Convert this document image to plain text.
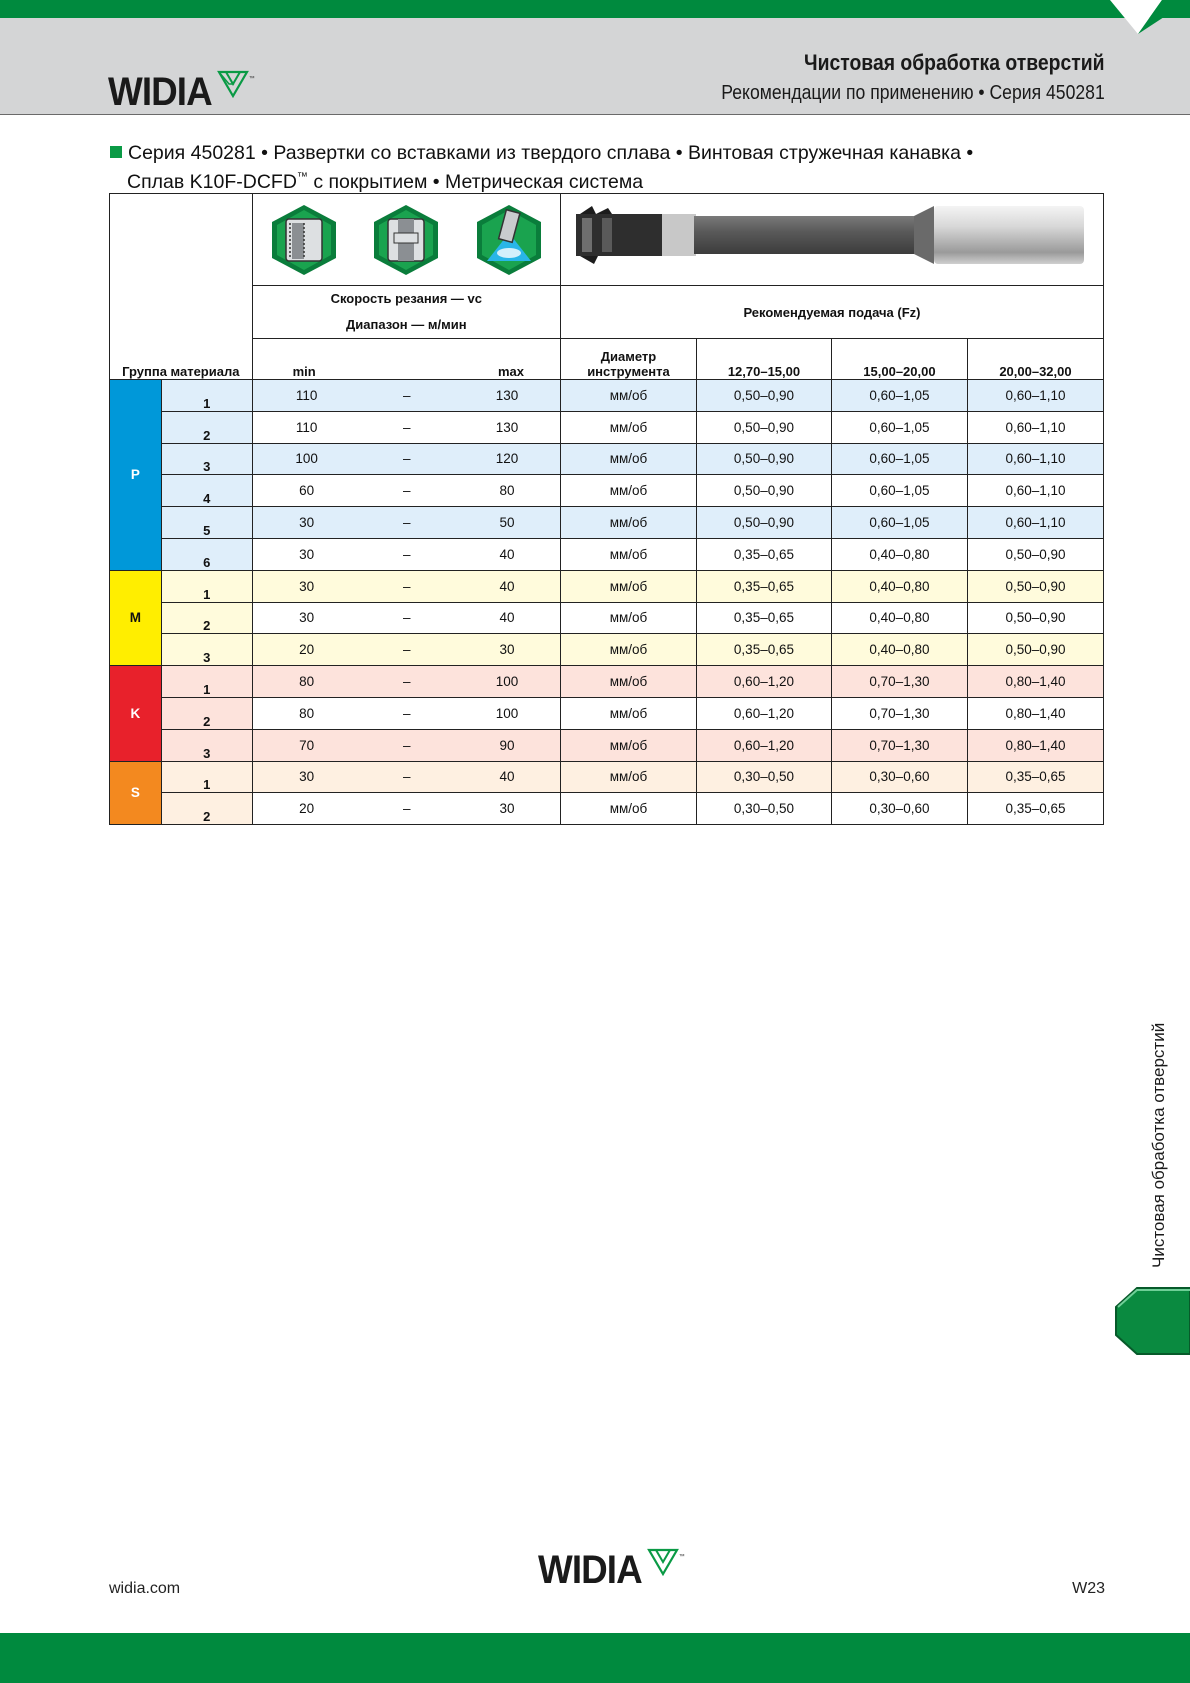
WIDIA	™
Чистовая обработка отверстий
Рекомендации по применению • Серия 450281
Серия 450281 • Развертки со вставками из твердого сплава • Винтовая стружечная канавка •
Сплав K10F-DCFD™ с покрытием • Метрическая система

		Скорость резания — vc
Диапазон — м/мин	Рекомендуемая подача (Fz)			
Группа материала		min max	Диаметр инструмента	12,70–15,00	15,00–20,00	20,00–32,00
P	1	110 – 130	мм/об	0,50–0,90	0,60–1,05	0,60–1,10
	2	110 – 130	мм/об	0,50–0,90	0,60–1,05	0,60–1,10
	3	100 – 120	мм/об	0,50–0,90	0,60–1,05	0,60–1,10
	4	60 – 80	мм/об	0,50–0,90	0,60–1,05	0,60–1,10
	5	30 – 50	мм/об	0,50–0,90	0,60–1,05	0,60–1,10
	6	30 – 40	мм/об	0,35–0,65	0,40–0,80	0,50–0,90
M	1	30 – 40	мм/об	0,35–0,65	0,40–0,80	0,50–0,90
	2	30 – 40	мм/об	0,35–0,65	0,40–0,80	0,50–0,90
	3	20 – 30	мм/об	0,35–0,65	0,40–0,80	0,50–0,90
K	1	80 – 100	мм/об	0,60–1,20	0,70–1,30	0,80–1,40
	2	80 – 100	мм/об	0,60–1,20	0,70–1,30	0,80–1,40
	3	70 – 90	мм/об	0,60–1,20	0,70–1,30	0,80–1,40
S	1	30 – 40	мм/об	0,30–0,50	0,30–0,60	0,35–0,65
	2	20 – 30	мм/об	0,30–0,50	0,30–0,60	0,35–0,65
Чистовая обработка отверстий
widia.com	WIDIA	™
W23
